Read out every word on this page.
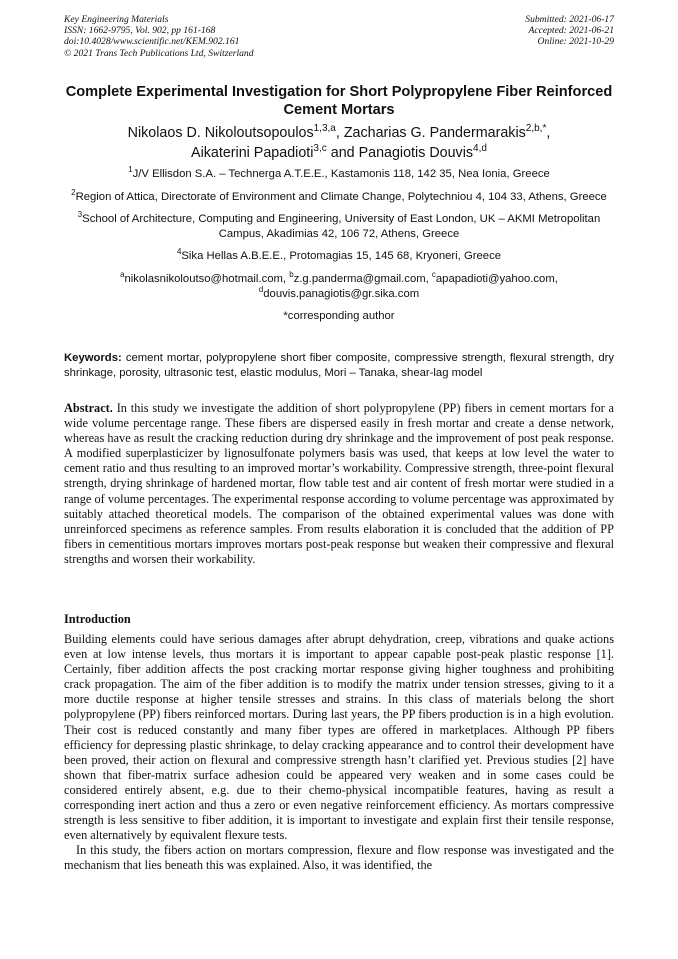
Key Engineering Materials
ISSN: 1662-9795, Vol. 902, pp 161-168
doi:10.4028/www.scientific.net/KEM.902.161
© 2021 Trans Tech Publications Ltd, Switzerland
Submitted: 2021-06-17
Accepted: 2021-06-21
Online: 2021-10-29
Complete Experimental Investigation for Short Polypropylene Fiber Reinforced Cement Mortars
Nikolaos D. Nikoloutsopoulos$^{1,3,a}$, Zacharias G. Pandermarakis$^{2,b,*}$,
Aikaterini Papadioti$^{3,c}$ and Panagiotis Douvis$^{4,d}$

$^1$J/V Ellisdon S.A. – Technerga A.T.E.E., Kastamonis 118, 142 35, Nea Ionia, Greece

$^2$Region of Attica, Directorate of Environment and Climate Change, Polytechniou 4, 104 33, Athens, Greece

$^3$School of Architecture, Computing and Engineering, University of East London, UK – AKMI Metropolitan Campus, Akadimias 42, 106 72, Athens, Greece

$^4$Sika Hellas A.B.E.E., Protomagias 15, 145 68, Kryoneri, Greece

$^a$nikolasnikoloutso@hotmail.com, $^b$z.g.panderma@gmail.com, $^c$apapadioti@yahoo.com,
$^d$douvis.panagiotis@gr.sika.com

*corresponding author

Keywords: cement mortar, polypropylene short fiber composite, compressive strength, flexural strength, dry shrinkage, porosity, ultrasonic test, elastic modulus, Mori – Tanaka, shear-lag model
Abstract. In this study we investigate the addition of short polypropylene (PP) fibers in cement mortars for a wide volume percentage range. These fibers are dispersed easily in fresh mortar and create a dense network, whereas have as result the cracking reduction during dry shrinkage and the improvement of post peak response. A modified superplasticizer by lignosulfonate polymers basis was used, that keeps at low level the water to cement ratio and thus resulting to an improved mortar’s workability. Compressive strength, three-point flexural strength, drying shrinkage of hardened mortar, flow table test and air content of fresh mortar were studied in a range of volume percentages. The experimental response according to volume percentage was approximated by suitably attached theoretical models. The comparison of the obtained experimental values was done with unreinforced specimens as reference samples. From results elaboration it is concluded that the addition of PP fibers in cementitious mortars improves mortars post-peak response but weaken their compressive and flexural strengths and worsen their workability.
Introduction

Building elements could have serious damages after abrupt dehydration, creep, vibrations and quake actions even at low intense levels, thus mortars it is important to appear capable post-peak plastic response [1]. Certainly, fiber addition affects the post cracking mortar response giving higher toughness and prohibiting crack propagation. The aim of the fiber addition is to modify the matrix under tension stresses, giving to it a more ductile response at higher tensile stresses and strains. In this class of materials belong the short polypropylene (PP) fibers reinforced mortars. During last years, the PP fibers production is in a high evolution. Their cost is reduced constantly and many fiber types are offered in marketplaces. Although PP fibers efficiency for depressing plastic shrinkage, to delay cracking appearance and to control their development have been proved, their action on flexural and compressive strength hasn’t clarified yet. Previous studies [2] have shown that fiber-matrix surface adhesion could be appeared very weaken and in some cases could be considered entirely absent, e.g. due to their chemo-physical incompatible features, having as result a corresponding inert action and thus a zero or even negative reinforcement efficiency. As mortars compressive strength is less sensitive to fiber addition, it is important to investigate and explain first their tensile response, even alternatively by equivalent flexure tests.

In this study, the fibers action on mortars compression, flexure and flow response was investigated and the mechanism that lies beneath this was explained. Also, it was identified, the
